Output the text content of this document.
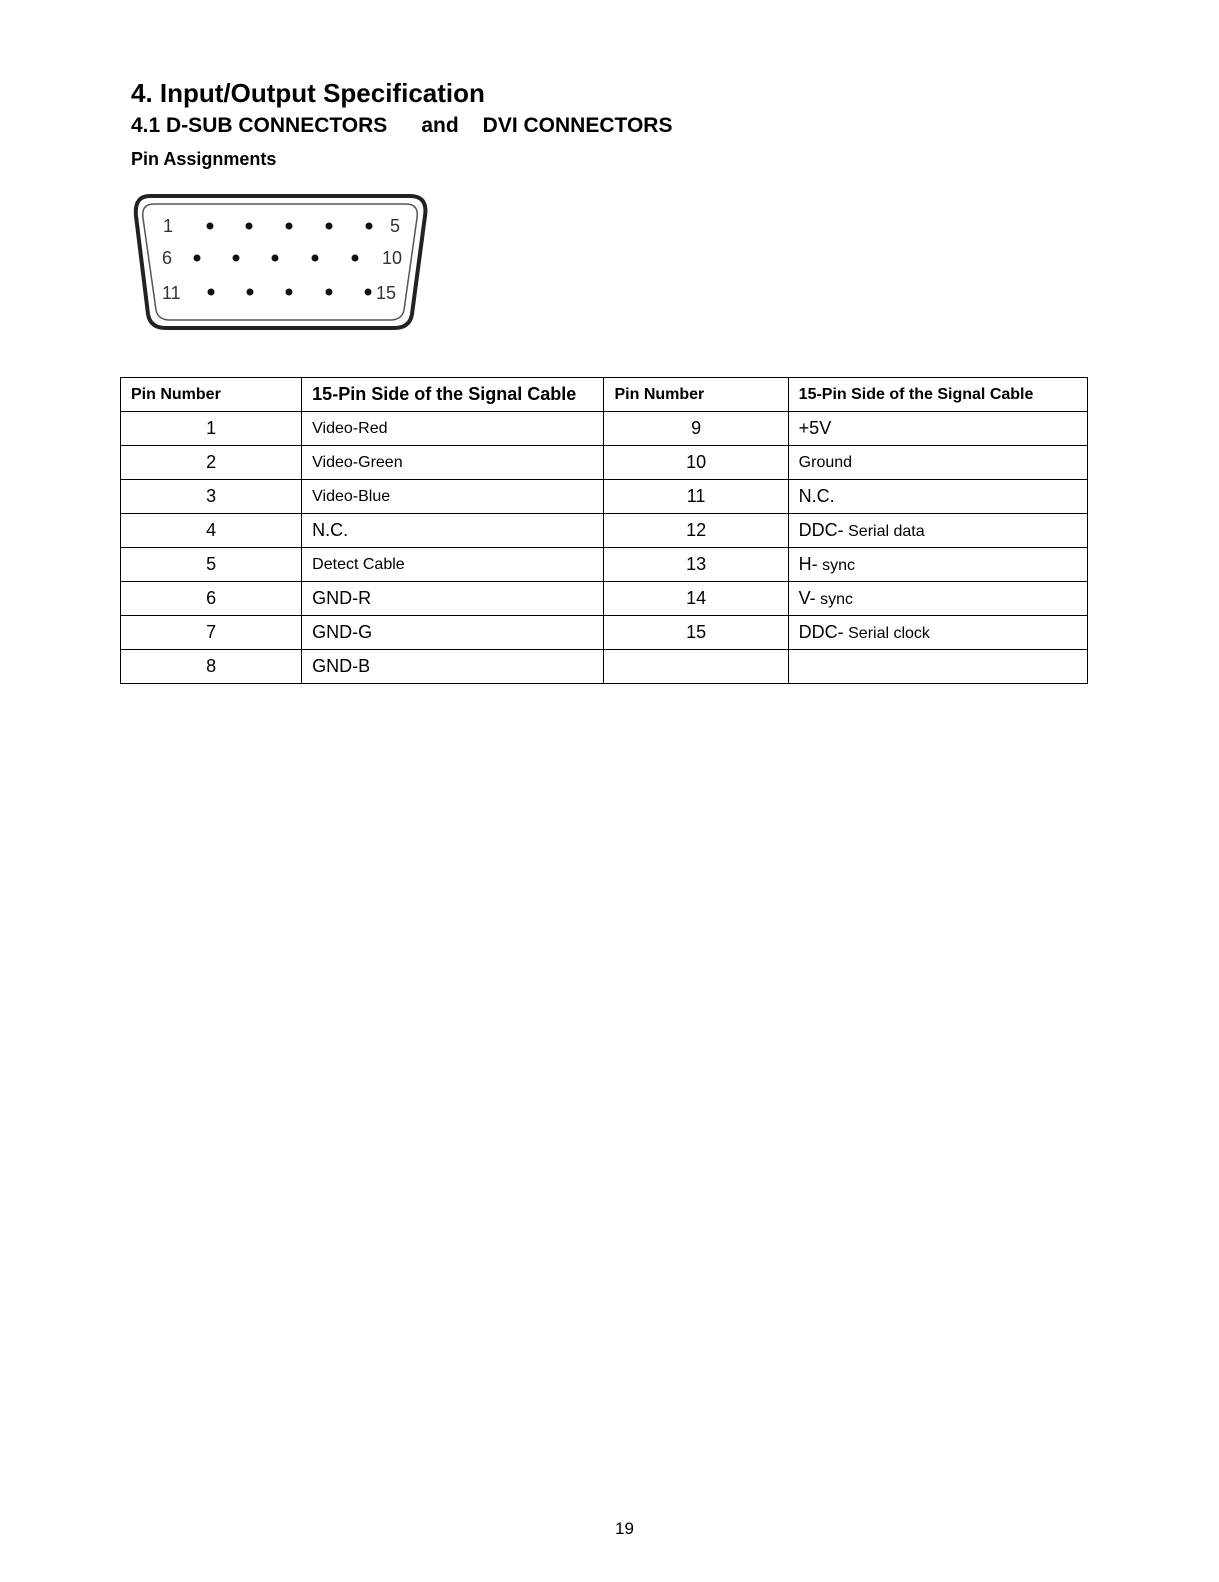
4. Input/Output Specification
4.1 D-SUB CONNECTORS and DVI CONNECTORS
Pin Assignments
1	5
6	10
11	15
Pin Number	15-Pin Side of the Signal Cable	Pin Number	15-Pin Side of the Signal Cable
1	Video-Red	9	+5V
2	Video-Green	10	Ground
3	Video-Blue	11	N.C.
4	N.C.	12	DDC- Serial data
5	Detect Cable	13	H- sync
6	GND-R	14	V- sync
7	GND-G	15	DDC- Serial clock
8	GND-B		
19
